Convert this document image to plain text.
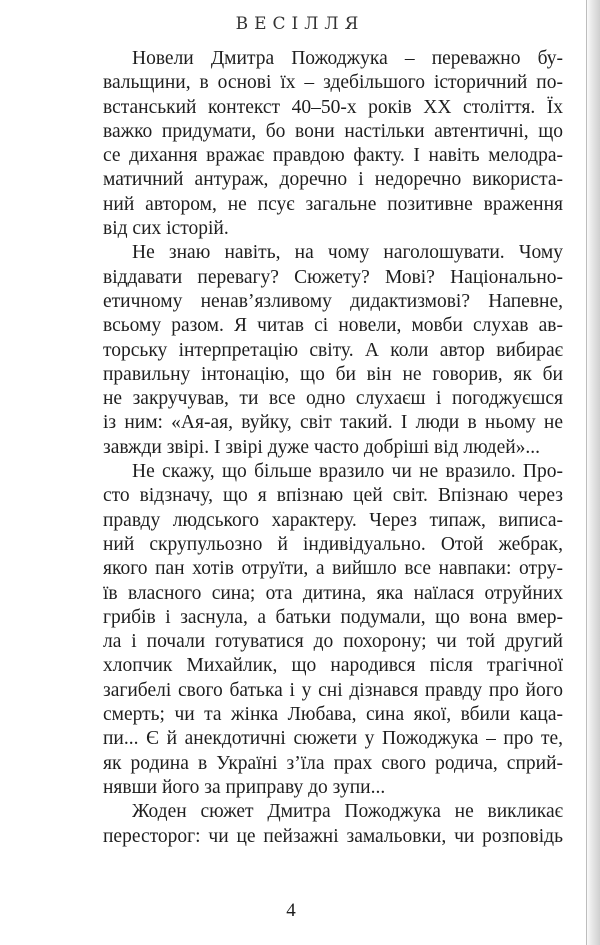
ВЕСІЛЛЯ
Новели Дмитра Пожоджука – переважно бу-
вальщини, в основі їх – здебільшого історичний по-
встанський контекст 40–50-х років XX століття. Їх
важко придумати, бо вони настільки автентичні, що
се дихання вражає правдою факту. І навіть мелодра-
матичний антураж, доречно і недоречно використа-
ний автором, не псує загальне позитивне враження
від сих історій.
Не знаю навіть, на чому наголошувати. Чому
віддавати перевагу? Сюжету? Мові? Національно-
етичному ненав’язливому дидактизмові? Напевне,
всьому разом. Я читав сі новели, мовби слухав ав-
торську інтерпретацію світу. А коли автор вибирає
правильну інтонацію, що би він не говорив, як би
не закручував, ти все одно слухаєш і погоджуєшся
із ним: «Ая-ая, вуйку, світ такий. І люди в ньому не
завжди звірі. І звірі дуже часто добріші від людей»...
Не скажу, що більше вразило чи не вразило. Про-
сто відзначу, що я впізнаю цей світ. Впізнаю через
правду людського характеру. Через типаж, виписа-
ний скрупульозно й індивідуально. Отой жебрак,
якого пан хотів отруїти, а вийшло все навпаки: отру-
їв власного сина; ота дитина, яка наїлася отруйних
грибів і заснула, а батьки подумали, що вона вмер-
ла і почали готуватися до похорону; чи той другий
хлопчик Михайлик, що народився після трагічної
загибелі свого батька і у сні дізнався правду про його
смерть; чи та жінка Любава, сина якої, вбили каца-
пи... Є й анекдотичні сюжети у Пожоджука – про те,
як родина в Україні з’їла прах свого родича, сприй-
нявши його за приправу до зупи...
Жоден сюжет Дмитра Пожоджука не викликає
пересторог: чи це пейзажні замальовки, чи розповідь
4
